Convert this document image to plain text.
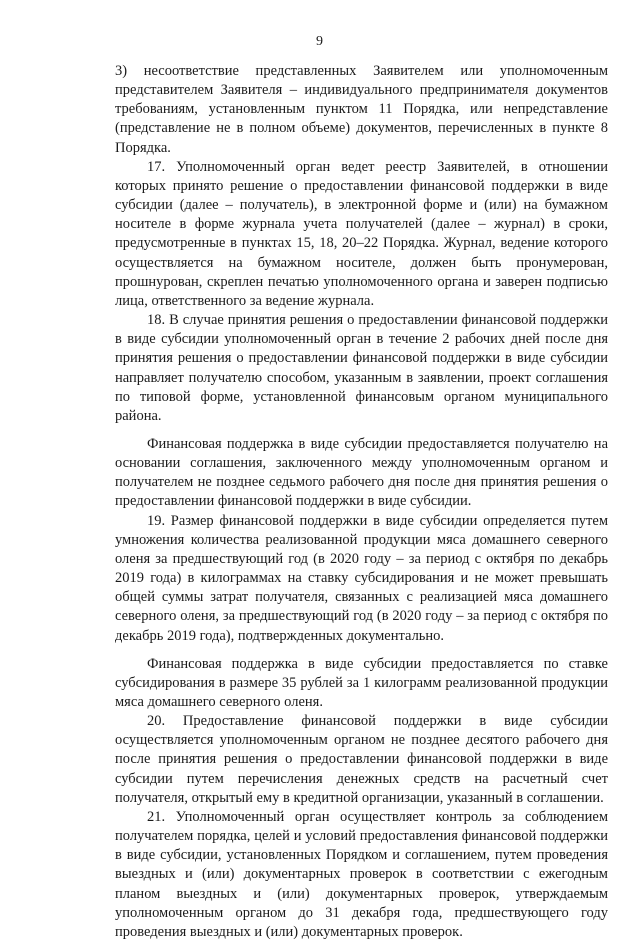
9

3) несоответствие представленных Заявителем или уполномоченным представителем Заявителя – индивидуального предпринимателя документов требованиям, установленным пунктом 11 Порядка, или непредставление (представление не в полном объеме) документов, перечисленных в пункте 8 Порядка.

17. Уполномоченный орган ведет реестр Заявителей, в отношении которых принято решение о предоставлении финансовой поддержки в виде субсидии (далее – получатель), в электронной форме и (или) на бумажном носителе в форме журнала учета получателей (далее – журнал) в сроки, предусмотренные в пунктах 15, 18, 20–22 Порядка. Журнал, ведение которого осуществляется на бумажном носителе, должен быть пронумерован, прошнурован, скреплен печатью уполномоченного органа и заверен подписью лица, ответственного за ведение журнала.

18. В случае принятия решения о предоставлении финансовой поддержки в виде субсидии уполномоченный орган в течение 2 рабочих дней после дня принятия решения о предоставлении финансовой поддержки в виде субсидии направляет получателю способом, указанным в заявлении, проект соглашения по типовой форме, установленной финансовым органом муниципального района.

Финансовая поддержка в виде субсидии предоставляется получателю на основании соглашения, заключенного между уполномоченным органом и получателем не позднее седьмого рабочего дня после дня принятия решения о предоставлении финансовой поддержки в виде субсидии.

19. Размер финансовой поддержки в виде субсидии определяется путем умножения количества реализованной продукции мяса домашнего северного оленя за предшествующий год (в 2020 году – за период с октября по декабрь 2019 года) в килограммах на ставку субсидирования и не может превышать общей суммы затрат получателя, связанных с реализацией мяса домашнего северного оленя, за предшествующий год (в 2020 году – за период с октября по декабрь 2019 года), подтвержденных документально.

Финансовая поддержка в виде субсидии предоставляется по ставке субсидирования в размере 35 рублей за 1 килограмм реализованной продукции мяса домашнего северного оленя.

20. Предоставление финансовой поддержки в виде субсидии осуществляется уполномоченным органом не позднее десятого рабочего дня после принятия решения о предоставлении финансовой поддержки в виде субсидии путем перечисления денежных средств на расчетный счет получателя, открытый ему в кредитной организации, указанный в соглашении.

21. Уполномоченный орган осуществляет контроль за соблюдением получателем порядка, целей и условий предоставления финансовой поддержки в виде субсидии, установленных Порядком и соглашением, путем проведения выездных и (или) документарных проверок в соответствии с ежегодным планом выездных и (или) документарных проверок, утверждаемым уполномоченным органом до 31 декабря года, предшествующего году проведения выездных и (или) документарных проверок.
